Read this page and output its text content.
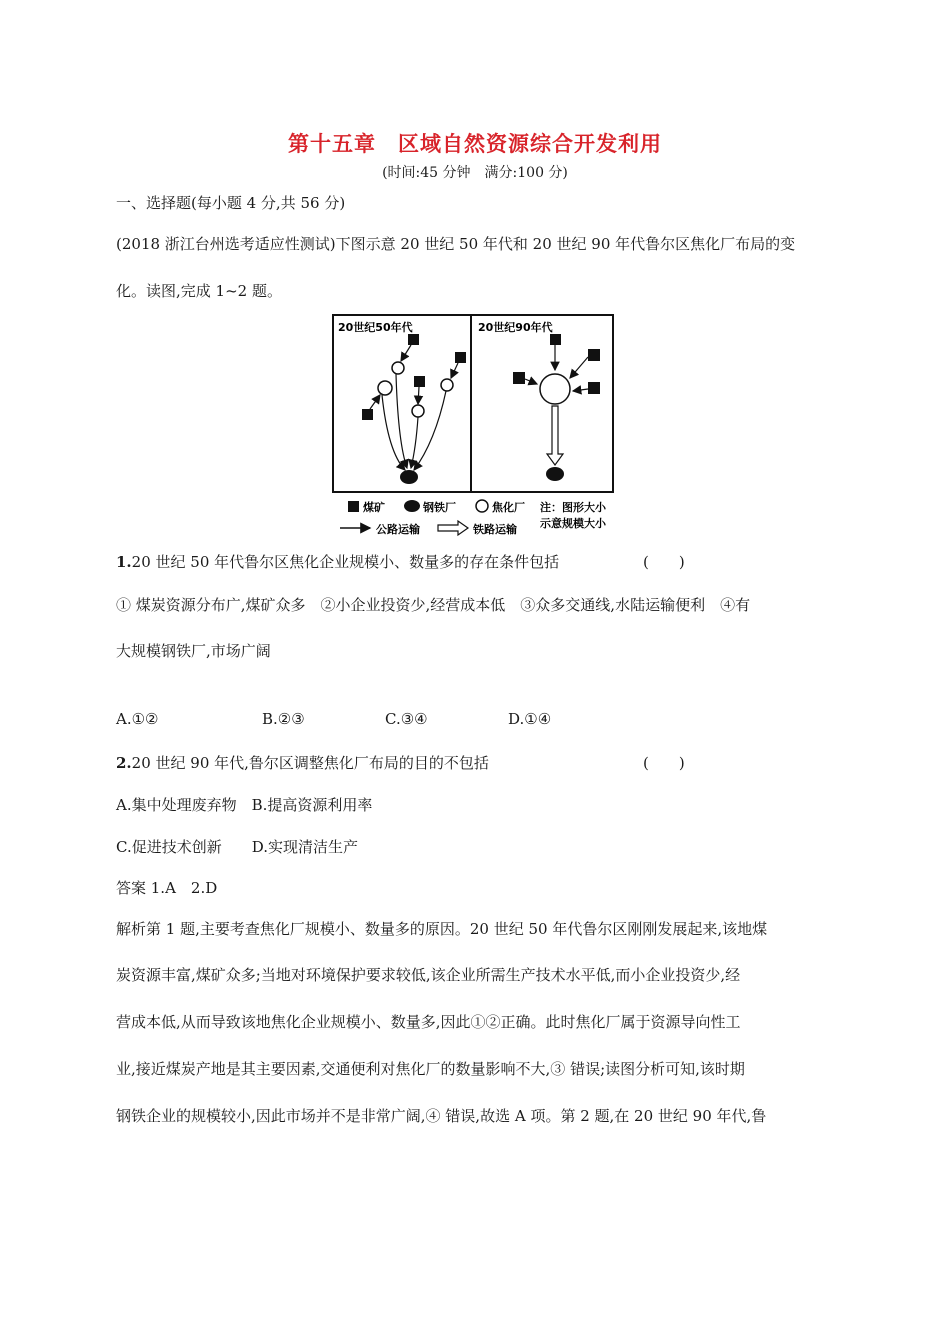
第十五章　区域自然资源综合开发利用
(时间:45 分钟　满分:100 分)
一、选择题(每小题 4 分,共 56 分)
(2018 浙江台州选考适应性测试)下图示意 20 世纪 50 年代和 20 世纪 90 年代鲁尔区焦化厂布局的变
化。读图,完成 1~2 题。
20世纪50年代	20世纪90年代
煤矿	钢铁厂	焦化厂 注：图形大小
示意规模大小
公路运输	铁路运输
1.20 世纪 50 年代鲁尔区焦化企业规模小、数量多的存在条件包括	(　　)
① 煤炭资源分布广,煤矿众多　②小企业投资少,经营成本低　③众多交通线,水陆运输便利　④有
大规模钢铁厂,市场广阔
A.①②	B.②③	C.③④	D.①④
2.20 世纪 90 年代,鲁尔区调整焦化厂布局的目的不包括	(　　)
A.集中处理废弃物　B.提高资源利用率
C.促进技术创新　　D.实现清洁生产
答案 1.A　2.D
解析第 1 题,主要考查焦化厂规模小、数量多的原因。20 世纪 50 年代鲁尔区刚刚发展起来,该地煤
炭资源丰富,煤矿众多;当地对环境保护要求较低,该企业所需生产技术水平低,而小企业投资少,经
营成本低,从而导致该地焦化企业规模小、数量多,因此①②正确。此时焦化厂属于资源导向性工
业,接近煤炭产地是其主要因素,交通便利对焦化厂的数量影响不大,③ 错误;读图分析可知,该时期
钢铁企业的规模较小,因此市场并不是非常广阔,④ 错误,故选 A 项。第 2 题,在 20 世纪 90 年代,鲁
